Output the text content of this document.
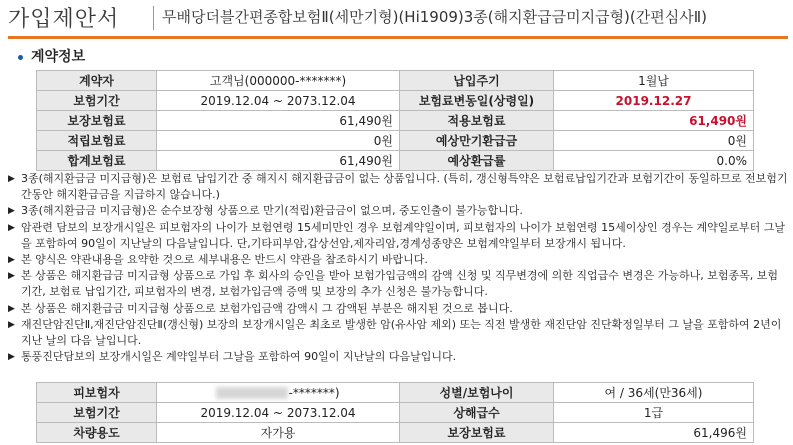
가입제안서	무배당더블간편종합보험Ⅱ(세만기형)(Hi1909)3종(해지환급금미지급형)(간편심사Ⅱ)
계약정보
계약자	고객님(000000-*******)	납입주기	1월납
보험기간	2019.12.04 ~ 2073.12.04	보험료변동일(상령일)	2019.12.27
보장보험료	61,490원	적용보험료	61,490원
적립보험료	0원	예상만기환급금	0원
합계보험료	61,490원	예상환급률	0.0%
▶ 3종(해지환급금 미지급형)은 보험료 납입기간 중 해지시 해지환급금이 없는 상품입니다. (특히, 갱신형특약은 보험료납입기간과 보험기간이 동일하므로 전보험기간동안 해지환급금을 지급하지 않습니다.)
▶ 3종(해지환급금 미지급형)은 순수보장형 상품으로 만기(적립)환급금이 없으며, 중도인출이 불가능합니다.
▶ 암관련 담보의 보장개시일은 피보험자의 나이가 보험연령 15세미만인 경우 보험계약일이며, 피보험자의 나이가 보험연령 15세이상인 경우는 계약일로부터 그날을 포함하여 90일이 지난날의 다음날입니다. 단,기타피부암,갑상선암,제자리암,경계성종양은 보험계약일부터 보장개시 됩니다.
▶ 본 양식은 약관내용을 요약한 것으로 세부내용은 반드시 약관을 참조하시기 바랍니다.
▶ 본 상품은 해지환급금 미지급형 상품으로 가입 후 회사의 승인을 받아 보험가입금액의 감액 신청 및 직무변경에 의한 직업급수 변경은 가능하나, 보험종목, 보험기간, 보험료 납입기간, 피보험자의 변경, 보험가입금액 증액 및 보장의 추가 신청은 불가능합니다.
▶ 본 상품은 해지환급금 미지급형 상품으로 보험가입금액 감액시 그 감액된 부분은 해지된 것으로 봅니다.
▶ 재진단암진단Ⅱ,재진단암진단Ⅱ(갱신형) 보장의 보장개시일은 최초로 발생한 암(유사암 제외) 또는 직전 발생한 재진단암 진단확정일부터 그 날을 포함하여 2년이 지난 날의 다음 날입니다.
▶ 통풍진단담보의 보장개시일은 계약일부터 그날을 포함하여 90일이 지난날의 다음날입니다.
피보험자	-*******)	성별/보험나이	여 / 36세(만36세)
보험기간	2019.12.04 ~ 2073.12.04	상해급수	1급
차량용도	자가용	보장보험료	61,496원
